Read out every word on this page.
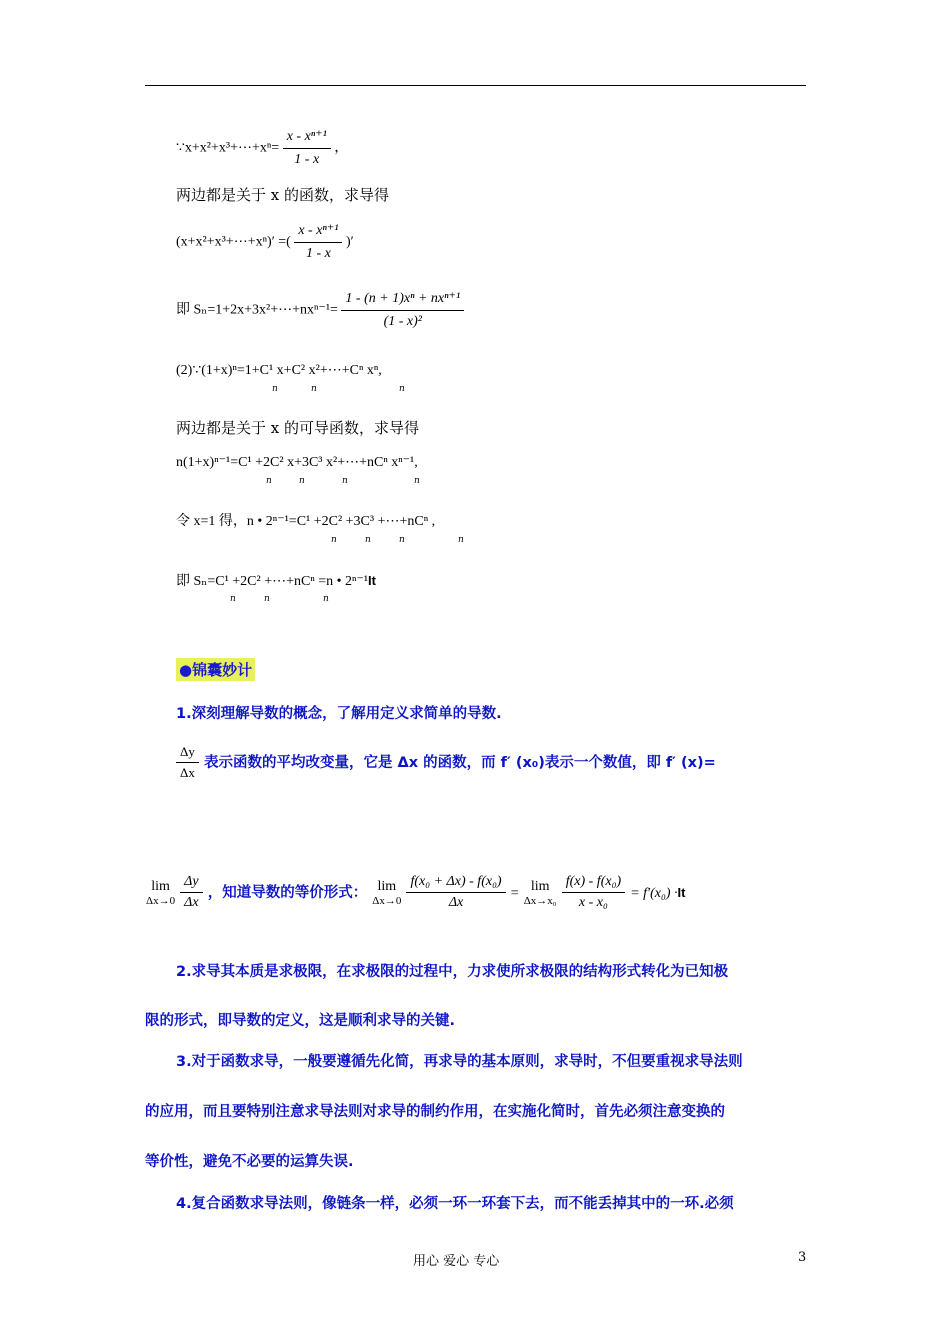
∵x+x²+x³+⋯+xⁿ= $\frac{\text{x - xⁿ⁺¹}}{1 - x}$ ，
两边都是关于 x 的函数，求导得
(x+x²+x³+⋯+xⁿ)′ =( $\frac{\text{x - xⁿ⁺¹}}{1 - x}$ )′
即 Sₙ=1+2x+3x²+⋯+nxⁿ⁻¹= $\frac{\text{1 - (n + 1)xⁿ + nxⁿ⁺¹}}{\text{(1 - x)²}}$
(2)∵(1+x)ⁿ=1+C¹ x+C² x²+⋯+Cⁿ xⁿ,
n	n	n
两边都是关于 x 的可导函数，求导得
n(1+x)ⁿ⁻¹=C¹ +2C² x+3C³ x²+⋯+nCⁿ xⁿ⁻¹,
n	n	n	n
令 x=1 得，n • 2ⁿ⁻¹=C¹ +2C² +3C³ +⋯+nCⁿ ,
n	n	n	n
即 Sₙ=C¹ +2C² +⋯+nCⁿ =n • 2ⁿ⁻¹It
n	n	n
●锦囊妙计
1.深刻理解导数的概念，了解用定义求简单的导数.
$\frac{\Delta y}{\Delta x}$ 表示函数的平均改变量，它是 Δx 的函数，而 f′ (x₀)表示一个数值，即 f′ (x)=
lim
Δx→0
$\frac{\Delta y}{\Delta x}$ ，知道导数的等价形式： lim
Δx→0
$\frac{\text{f(x₀ + Δx) - f(x₀)}}{\Delta x} = \lim$
Δx→x₀
$\frac{\text{f(x) - f(x₀)}}{\text{x - x₀}} = f'(x_0) \cdot It$
2.求导其本质是求极限，在求极限的过程中，力求使所求极限的结构形式转化为已知极
限的形式，即导数的定义，这是顺利求导的关键.
3.对于函数求导，一般要遵循先化简，再求导的基本原则，求导时，不但要重视求导法则
的应用，而且要特别注意求导法则对求导的制约作用，在实施化简时，首先必须注意变换的
等价性，避免不必要的运算失误.
4.复合函数求导法则，像链条一样，必须一环一环套下去，而不能丢掉其中的一环.必须
用心 爱心 专心	3
